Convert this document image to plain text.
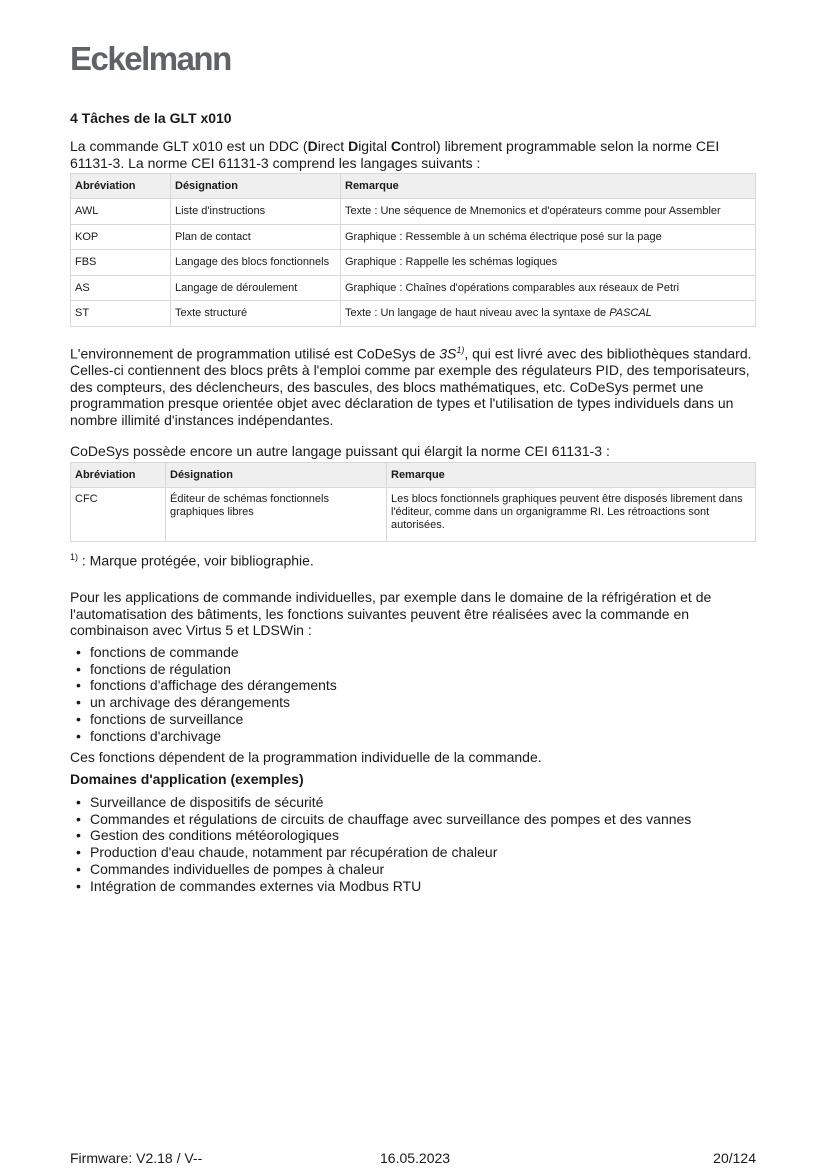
Eckelmann
4 Tâches de la GLT x010

La commande GLT x010 est un DDC (Direct Digital Control) librement programmable selon la norme CEI 61131-3. La norme CEI 61131-3 comprend les langages suivants :

Abréviation	Désignation	Remarque
AWL	Liste d'instructions	Texte : Une séquence de Mnemonics et d'opérateurs comme pour Assembler
KOP	Plan de contact	Graphique : Ressemble à un schéma électrique posé sur la page
FBS	Langage des blocs fonctionnels	Graphique : Rappelle les schémas logiques
AS	Langage de déroulement	Graphique : Chaînes d'opérations comparables aux réseaux de Petri
ST	Texte structuré	Texte : Un langage de haut niveau avec la syntaxe de PASCAL

L'environnement de programmation utilisé est CoDeSys de $3S^{1)}$, qui est livré avec des bibliothèques standard. Celles-ci contiennent des blocs prêts à l'emploi comme par exemple des régulateurs PID, des temporisateurs, des compteurs, des déclencheurs, des bascules, des blocs mathématiques, etc. CoDeSys permet une programmation presque orientée objet avec déclaration de types et l'utilisation de types individuels dans un nombre illimité d'instances indépendantes.

CoDeSys possède encore un autre langage puissant qui élargit la norme CEI 61131-3 :

Abréviation	Désignation	Remarque
CFC	Éditeur de schémas fonctionnels graphiques libres	Les blocs fonctionnels graphiques peuvent être disposés librement dans l'éditeur, comme dans un organigramme RI. Les rétroactions sont autorisées.

$^{1)}$ : Marque protégée, voir bibliographie.

Pour les applications de commande individuelles, par exemple dans le domaine de la réfrigération et de l'automatisation des bâtiments, les fonctions suivantes peuvent être réalisées avec la commande en combinaison avec Virtus 5 et LDSWin :

• fonctions de commande
• fonctions de régulation
• fonctions d'affichage des dérangements
• un archivage des dérangements
• fonctions de surveillance
• fonctions d'archivage

Ces fonctions dépendent de la programmation individuelle de la commande.

Domaines d'application (exemples)

• Surveillance de dispositifs de sécurité
• Commandes et régulations de circuits de chauffage avec surveillance des pompes et des vannes
• Gestion des conditions météorologiques
• Production d'eau chaude, notamment par récupération de chaleur
• Commandes individuelles de pompes à chaleur
• Intégration de commandes externes via Modbus RTU
Firmware: V2.18 / V--	16.05.2023	20/124
